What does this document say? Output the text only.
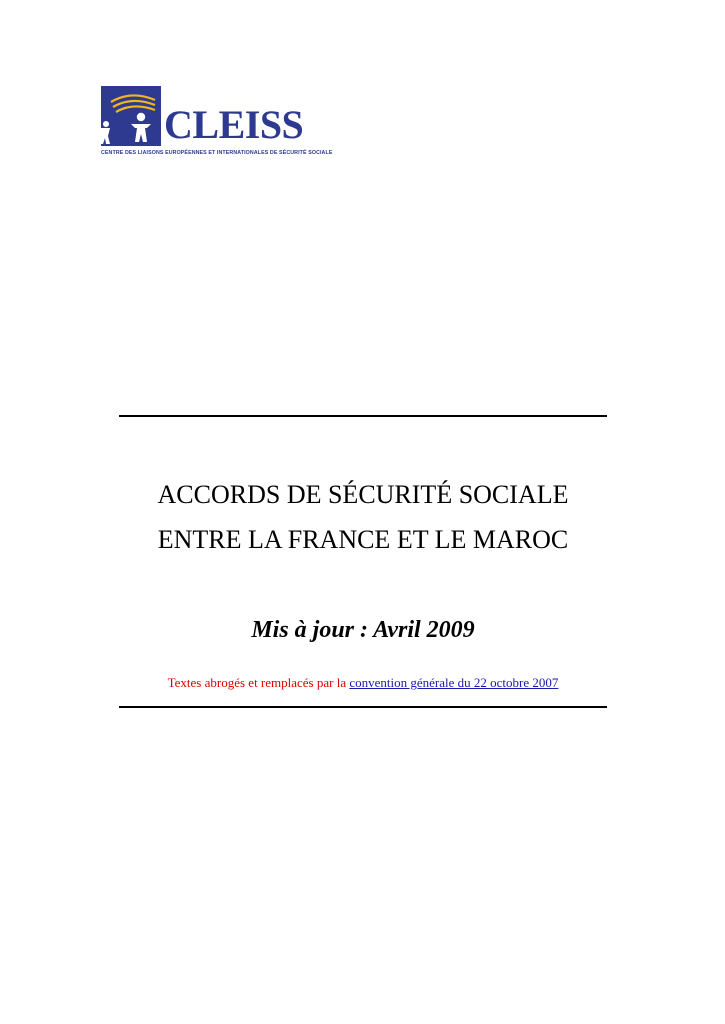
CLEISS
CENTRE DES LIAISONS EUROPÉENNES ET INTERNATIONALES DE SÉCURITÉ SOCIALE
ACCORDS DE SÉCURITÉ SOCIALE
ENTRE LA FRANCE ET LE MAROC
Mis à jour : Avril 2009
Textes abrogés et remplacés par la convention générale du 22 octobre 2007
